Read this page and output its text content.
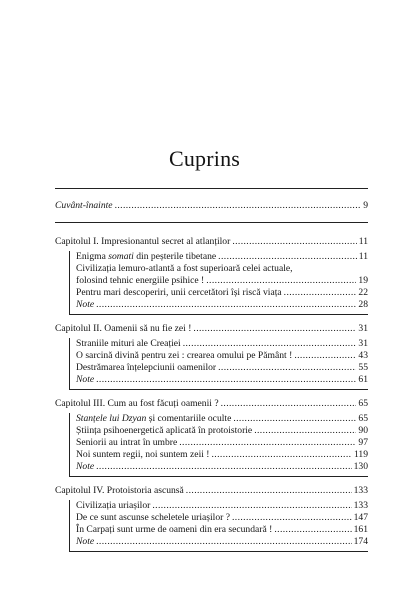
Cuprins
Cuvânt-înainte	9
.....
Capitolul I. Impresionantul secret al atlanților	11
.....
Enigma somati din peșterile tibetane	11
.....
Civilizația lemuro-atlantă a fost superioară celei actuale,
folosind tehnic energiile psihice !	19
.....
Pentru mari descoperiri, unii cercetători își riscă viața	22
.....
Note	28
.....
Capitolul II. Oamenii să nu fie zei !	31
.....
Straniile mituri ale Creației	31
.....
O sarcină divină pentru zei : crearea omului pe Pământ !	43
.....
Destrămarea înțelepciunii oamenilor	55
.....
Note	61
.....
Capitolul III. Cum au fost făcuți oamenii ?	65
.....
Stanțele lui Dzyan și comentariile oculte	65
.....
Știința psihoenergetică aplicată în protoistorie	90
.....
Seniorii au intrat în umbre	97
.....
Noi suntem regii, noi suntem zeii !	119
.....
Note	130
.....
Capitolul IV. Protoistoria ascunsă	133
.....
Civilizația uriașilor	133
.....
De ce sunt ascunse scheletele uriașilor ?	147
.....
În Carpați sunt urme de oameni din era secundară !	161
.....
Note	174
.....
